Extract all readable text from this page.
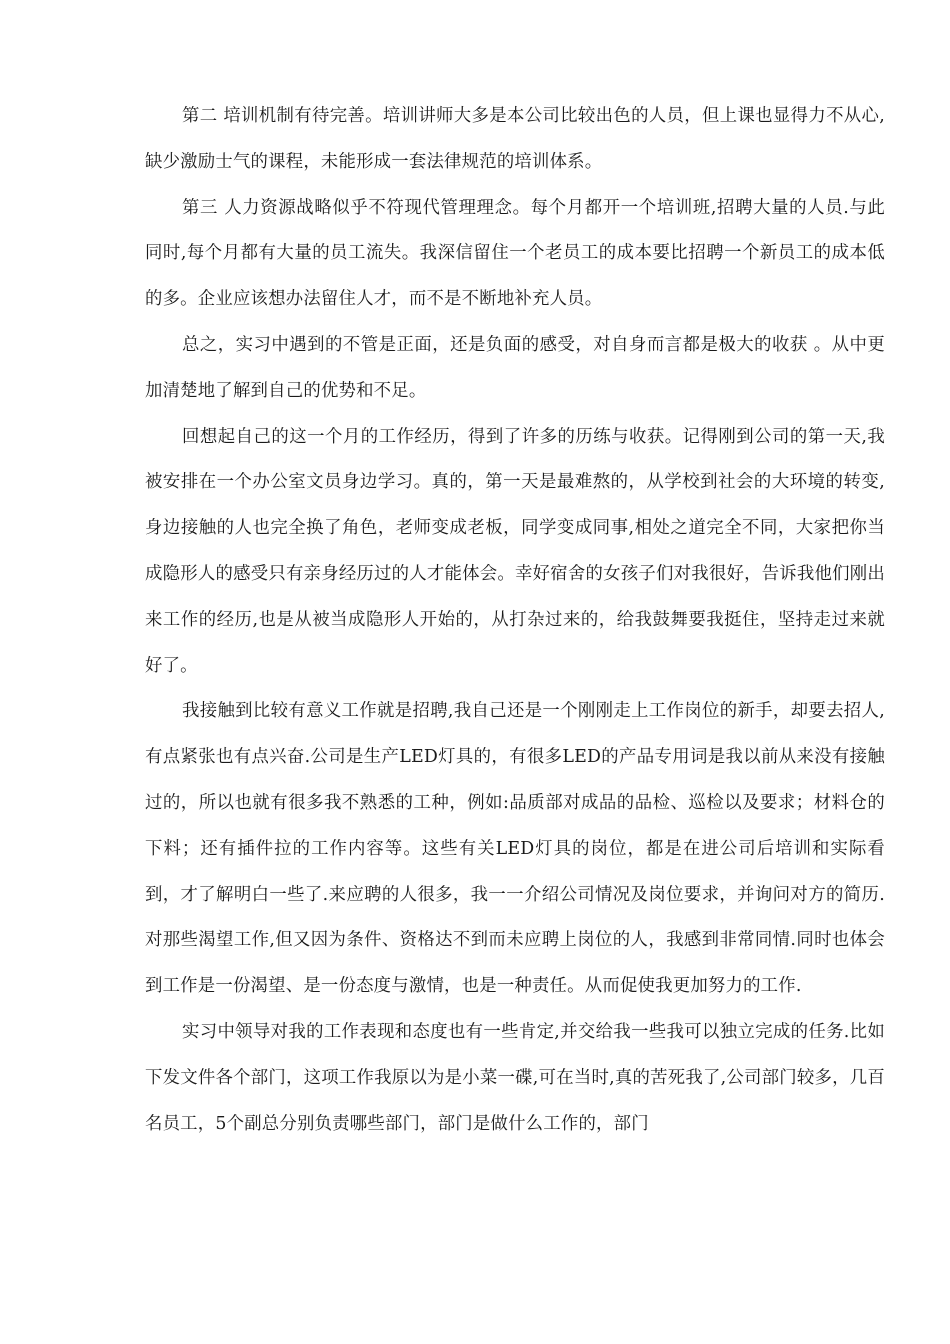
第二 培训机制有待完善。培训讲师大多是本公司比较出色的人员，但上课也显得力不从心,缺少激励士气的课程，未能形成一套法律规范的培训体系。

第三 人力资源战略似乎不符现代管理理念。每个月都开一个培训班,招聘大量的人员.与此同时,每个月都有大量的员工流失。我深信留住一个老员工的成本要比招聘一个新员工的成本低的多。企业应该想办法留住人才，而不是不断地补充人员。

总之，实习中遇到的不管是正面，还是负面的感受，对自身而言都是极大的收获 。从中更加清楚地了解到自己的优势和不足。

回想起自己的这一个月的工作经历，得到了许多的历练与收获。记得刚到公司的第一天,我被安排在一个办公室文员身边学习。真的，第一天是最难熬的，从学校到社会的大环境的转变,身边接触的人也完全换了角色，老师变成老板，同学变成同事,相处之道完全不同，大家把你当成隐形人的感受只有亲身经历过的人才能体会。幸好宿舍的女孩子们对我很好，告诉我他们刚出来工作的经历,也是从被当成隐形人开始的，从打杂过来的，给我鼓舞要我挺住，坚持走过来就好了。

我接触到比较有意义工作就是招聘,我自己还是一个刚刚走上工作岗位的新手，却要去招人,有点紧张也有点兴奋.公司是生产LED灯具的，有很多LED的产品专用词是我以前从来没有接触过的，所以也就有很多我不熟悉的工种，例如:品质部对成品的品检、巡检以及要求；材料仓的下料；还有插件拉的工作内容等。这些有关LED灯具的岗位，都是在进公司后培训和实际看到，才了解明白一些了.来应聘的人很多，我一一介绍公司情况及岗位要求，并询问对方的简历.对那些渴望工作,但又因为条件、资格达不到而未应聘上岗位的人，我感到非常同情.同时也体会到工作是一份渴望、是一份态度与激情，也是一种责任。从而促使我更加努力的工作.

实习中领导对我的工作表现和态度也有一些肯定,并交给我一些我可以独立完成的任务.比如下发文件各个部门，这项工作我原以为是小菜一碟,可在当时,真的苦死我了,公司部门较多，几百名员工，5个副总分别负责哪些部门，部门是做什么工作的，部门
